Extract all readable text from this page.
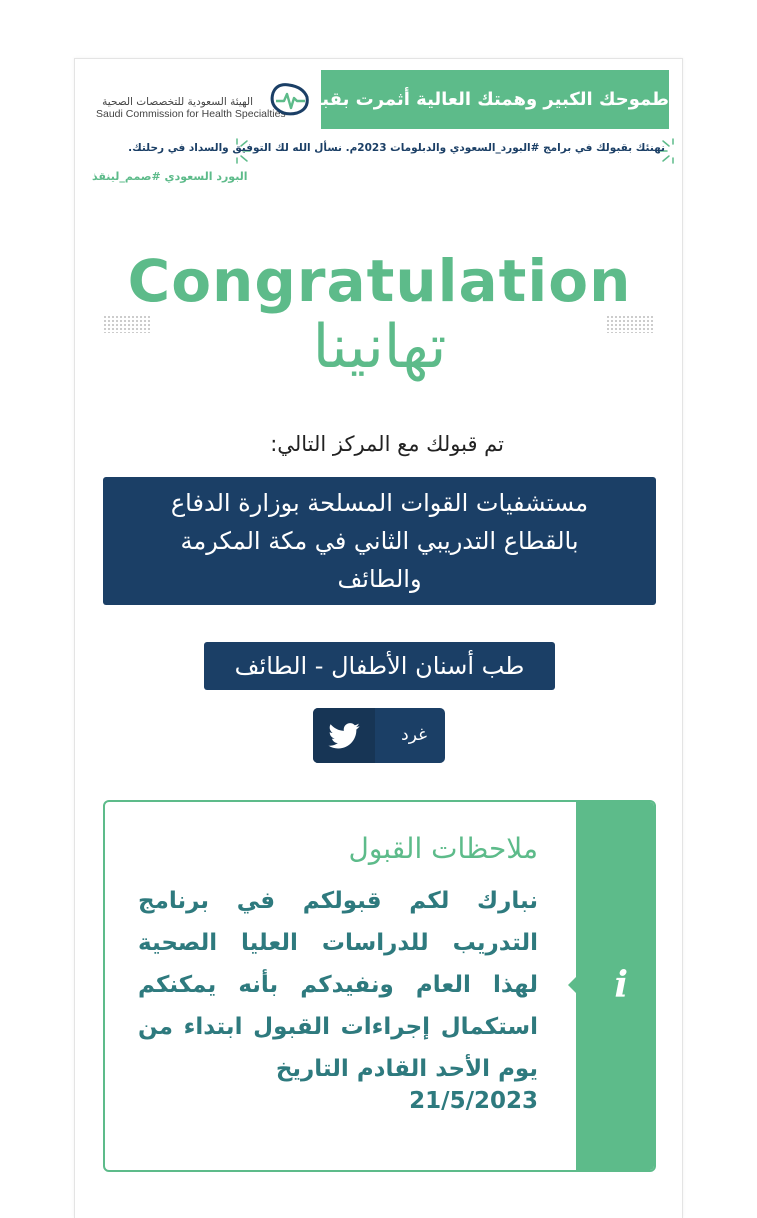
طموحك الكبير وهمتك العالية أثمرت بقبولك..
الهيئة السعودية للتخصصات الصحية
Saudi Commission for Health Specialties
نهنئك بقبولك في برامج #البورد_السعودي والدبلومات 2023م. نسأل الله لك التوفيق والسداد في رحلتك.
البورد السعودي #صمم_لينقذ
Congratulation
تهانينا
تم قبولك مع المركز التالي:
مستشفيات القوات المسلحة بوزارة الدفاع
بالقطاع التدريبي الثاني في مكة المكرمة
والطائف
طب أسنان الأطفال - الطائف
غرد
i
ملاحظات القبول
نبارك لكم قبولكم في برنامج التدريب للدراسات العليا الصحية لهذا العام ونفيدكم بأنه يمكنكم استكمال إجراءات القبول ابتداء من يوم الأحد القادم التاريخ
21/5/2023
